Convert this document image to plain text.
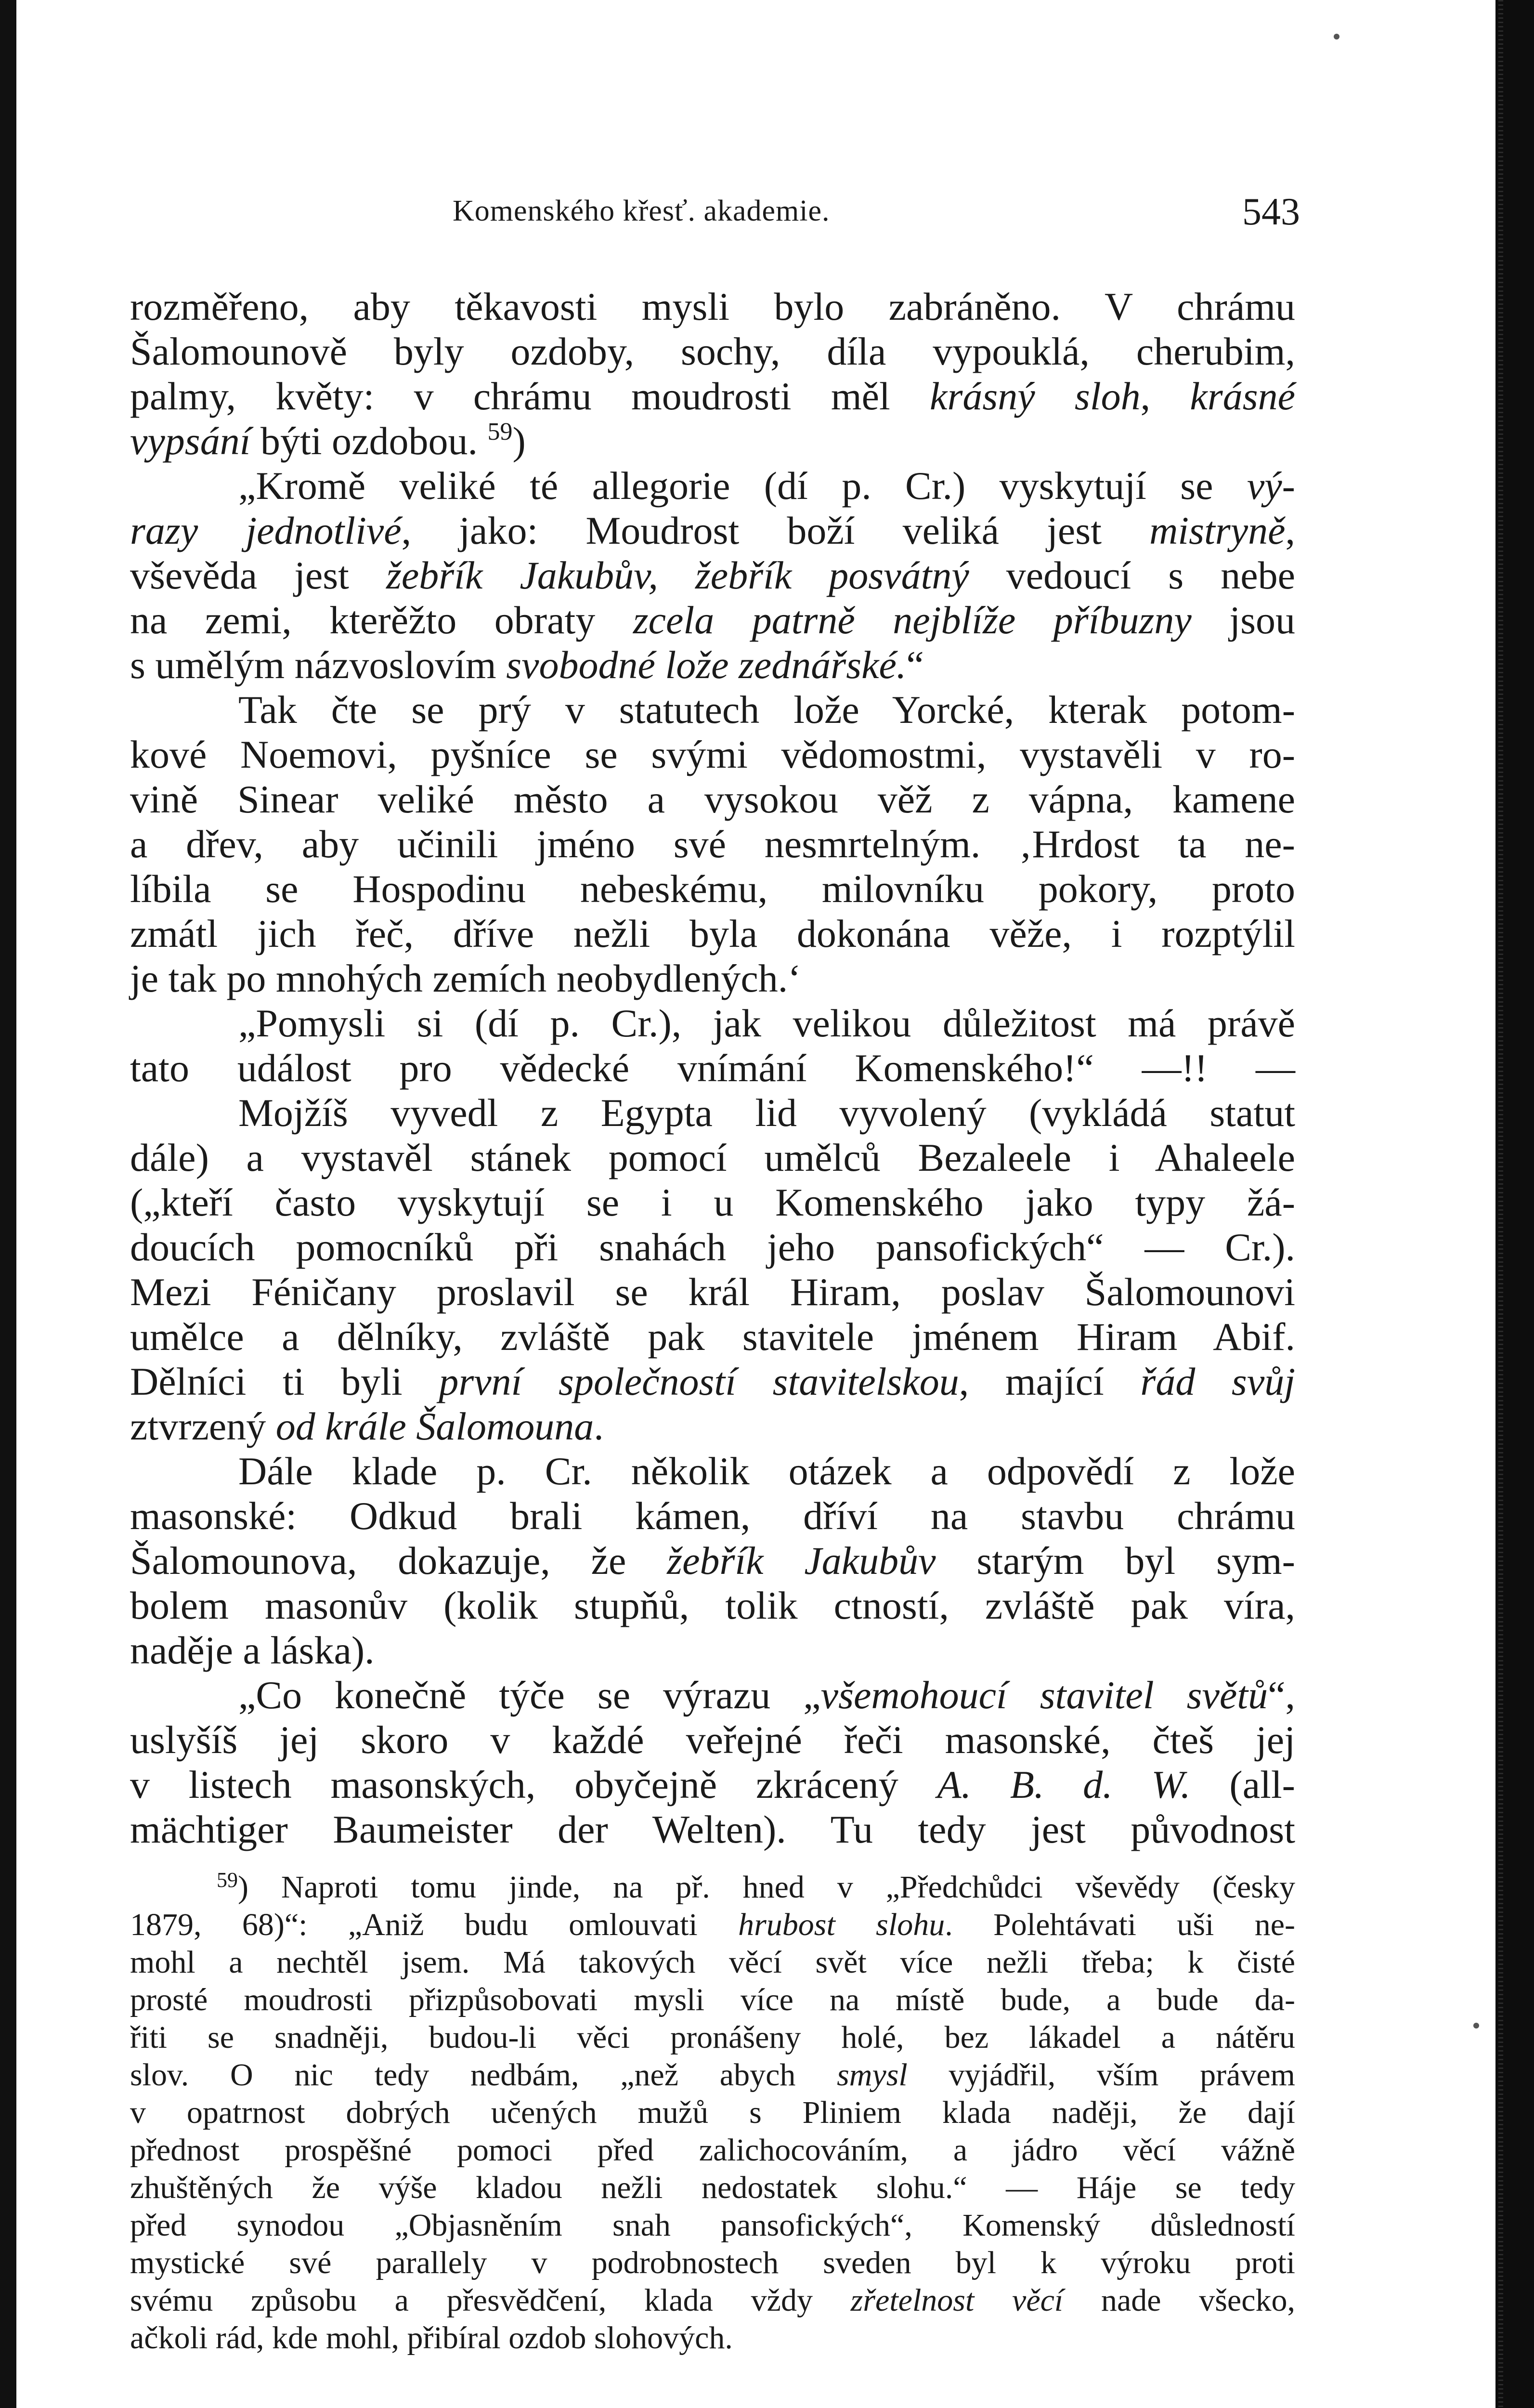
Komenského křesť. akademie.	543

rozměřeno, aby těkavosti mysli bylo zabráněno. V chrámu
Šalomounově byly ozdoby, sochy, díla vypouklá, cherubim,
palmy, květy: v chrámu moudrosti měl krásný sloh, krásné
vypsání býti ozdobou. $^{59}$)

„Kromě veliké té allegorie (dí p. Cr.) vyskytují se vý-
razy jednotlivé, jako: Moudrost boží veliká jest mistryně,
vševěda jest žebřík Jakubův, žebřík posvátný vedoucí s nebe
na zemi, kterěžto obraty zcela patrně nejblíže příbuzny jsou
s umělým názvoslovím svobodné lože zednářské.“

Tak čte se prý v statutech lože Yorcké, kterak potom-
kové Noemovi, pyšníce se svými vědomostmi, vystavěli v ro-
vině Sinear veliké město a vysokou věž z vápna, kamene
a dřev, aby učinili jméno své nesmrtelným. ‚Hrdost ta ne-
líbila se Hospodinu nebeskému, milovníku pokory, proto
zmátl jich řeč, dříve nežli byla dokonána věže, i rozptýlil
je tak po mnohých zemích neobydlených.‘

„Pomysli si (dí p. Cr.), jak velikou důležitost má právě
tato událost pro vědecké vnímání Komenského!“ —!! —

Mojžíš vyvedl z Egypta lid vyvolený (vykládá statut
dále) a vystavěl stánek pomocí umělců Bezaleele i Ahaleele
(„kteří často vyskytují se i u Komenského jako typy žá-
doucích pomocníků při snahách jeho pansofických“ — Cr.).
Mezi Féničany proslavil se král Hiram, poslav Šalomounovi
umělce a dělníky, zvláště pak stavitele jménem Hiram Abif.
Dělníci ti byli první společností stavitelskou, mající řád svůj
ztvrzený od krále Šalomouna.

Dále klade p. Cr. několik otázek a odpovědí z lože
masonské: Odkud brali kámen, dříví na stavbu chrámu
Šalomounova, dokazuje, že žebřík Jakubův starým byl sym-
bolem masonův (kolik stupňů, tolik ctností, zvláště pak víra,
naděje a láska).

„Co konečně týče se výrazu „všemohoucí stavitel světů“,
uslyšíš jej skoro v každé veřejné řeči masonské, čteš jej
v listech masonských, obyčejně zkrácený A. B. d. W. (all-
mächtiger Baumeister der Welten). Tu tedy jest původnost

$^{59}$) Naproti tomu jinde, na př. hned v „Předchůdci vševědy (česky
1879, 68)“: „Aniž budu omlouvati hrubost slohu. Polehtávati uši ne-
mohl a nechtěl jsem. Má takových věcí svět více nežli třeba; k čisté
prosté moudrosti přizpůsobovati mysli více na místě bude, a bude da-
řiti se snadněji, budou-li věci pronášeny holé, bez lákadel a nátěru
slov. O nic tedy nedbám, „než abych smysl vyjádřil, vším právem
v opatrnost dobrých učených mužů s Pliniem klada naději, že dají
přednost prospěšné pomoci před zalichocováním, a jádro věcí vážně
zhuštěných že výše kladou nežli nedostatek slohu.“ — Háje se tedy
před synodou „Objasněním snah pansofických“, Komenský důsledností
mystické své parallely v podrobnostech sveden byl k výroku proti
svému způsobu a přesvědčení, klada vždy zřetelnost věcí nade všecko,
ačkoli rád, kde mohl, přibíral ozdob slohových.
